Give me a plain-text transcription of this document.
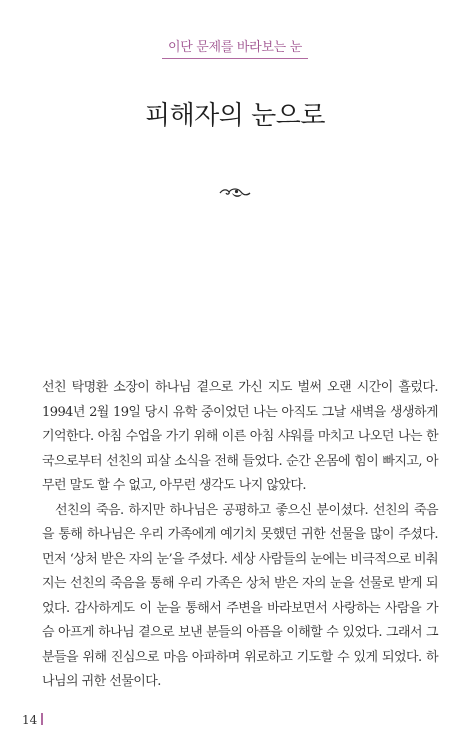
이단 문제를 바라보는 눈
피해자의 눈으로

선친 탁명환 소장이 하나님 곁으로 가신 지도 벌써 오랜 시간이 흘렀다. 1994년 2월 19일 당시 유학 중이었던 나는 아직도 그날 새벽을 생생하게 기억한다. 아침 수업을 가기 위해 이른 아침 샤워를 마치고 나오던 나는 한국으로부터 선친의 피살 소식을 전해 들었다. 순간 온몸에 힘이 빠지고, 아무런 말도 할 수 없고, 아무런 생각도 나지 않았다.

선친의 죽음. 하지만 하나님은 공평하고 좋으신 분이셨다. 선친의 죽음을 통해 하나님은 우리 가족에게 예기치 못했던 귀한 선물을 많이 주셨다. 먼저 ‘상처 받은 자의 눈’을 주셨다. 세상 사람들의 눈에는 비극적으로 비춰지는 선친의 죽음을 통해 우리 가족은 상처 받은 자의 눈을 선물로 받게 되었다. 감사하게도 이 눈을 통해서 주변을 바라보면서 사랑하는 사람을 가슴 아프게 하나님 곁으로 보낸 분들의 아픔을 이해할 수 있었다. 그래서 그분들을 위해 진심으로 마음 아파하며 위로하고 기도할 수 있게 되었다. 하나님의 귀한 선물이다.

14
